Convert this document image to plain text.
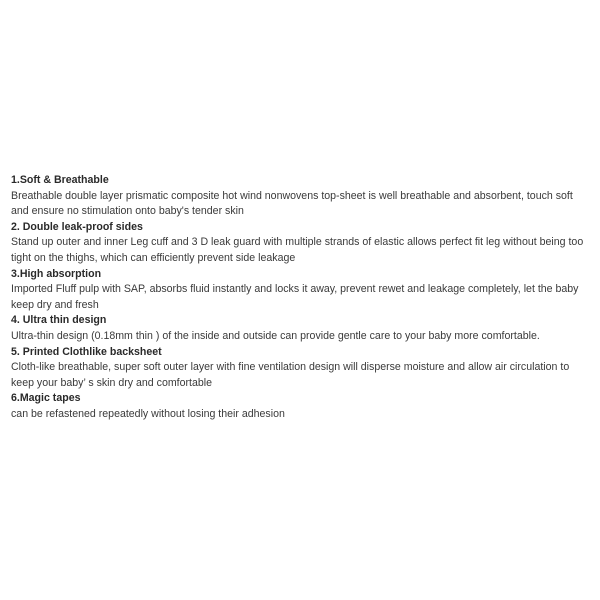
1.Soft & Breathable

Breathable double layer prismatic composite hot wind nonwovens top-sheet is well breathable and absorbent, touch soft and ensure no stimulation onto baby's tender skin

2. Double leak-proof sides

Stand up outer and inner Leg cuff and 3 D leak guard with multiple strands of elastic allows perfect fit leg without being too tight on the thighs, which can efficiently prevent side leakage

3.High absorption

Imported Fluff pulp with SAP, absorbs fluid instantly and locks it away, prevent rewet and leakage completely, let the baby keep dry and fresh

4. Ultra thin design

Ultra-thin design (0.18mm thin ) of the inside and outside can provide gentle care to your baby more comfortable.

5. Printed Clothlike backsheet

Cloth-like breathable, super soft outer layer with fine ventilation design will disperse moisture and allow air circulation to keep your baby’ s skin dry and comfortable

6.Magic tapes

can be refastened repeatedly without losing their adhesion
